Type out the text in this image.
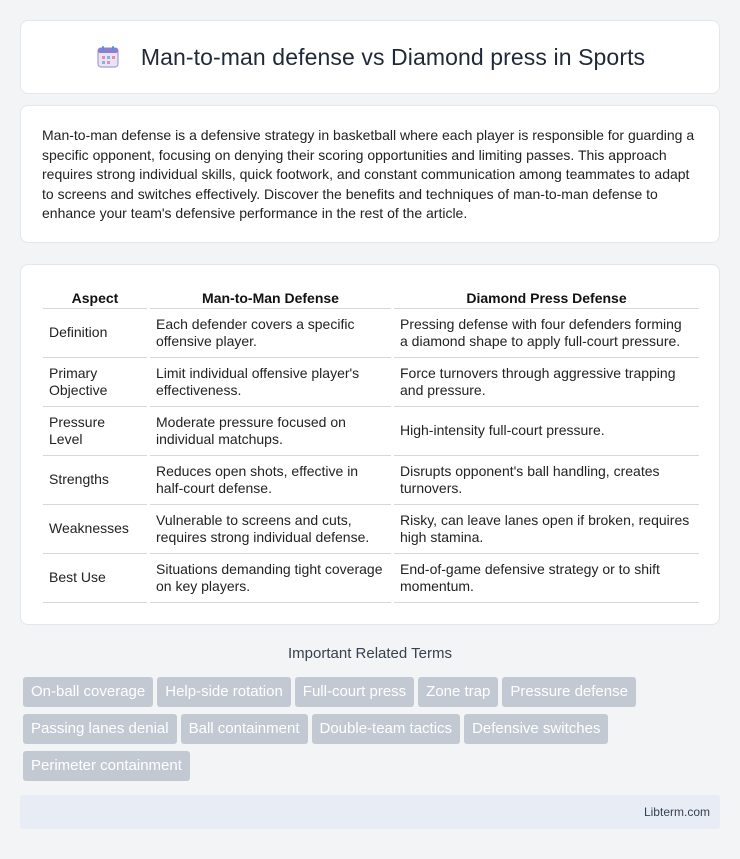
Man-to-man defense vs Diamond press in Sports

Man-to-man defense is a defensive strategy in basketball where each player is responsible for guarding a specific opponent, focusing on denying their scoring opportunities and limiting passes. This approach requires strong individual skills, quick footwork, and constant communication among teammates to adapt to screens and switches effectively. Discover the benefits and techniques of man-to-man defense to enhance your team's defensive performance in the rest of the article.

Aspect		Man-to-Man Defense		Diamond Press Defense
Definition		Each defender covers a specific offensive player.		Pressing defense with four defenders forming a diamond shape to apply full-court pressure.
Primary Objective		Limit individual offensive player's effectiveness.		Force turnovers through aggressive trapping and pressure.
Pressure Level		Moderate pressure focused on individual matchups.		High-intensity full-court pressure.
Strengths		Reduces open shots, effective in half-court defense.		Disrupts opponent's ball handling, creates turnovers.
Weaknesses		Vulnerable to screens and cuts, requires strong individual defense.		Risky, can leave lanes open if broken, requires high stamina.
Best Use		Situations demanding tight coverage on key players.		End-of-game defensive strategy or to shift momentum.
Important Related Terms
On-ball coverage Help-side rotation Full-court press Zone trap Pressure defense
Passing lanes denial Ball containment Double-team tactics Defensive switches
Perimeter containment
Libterm.com
